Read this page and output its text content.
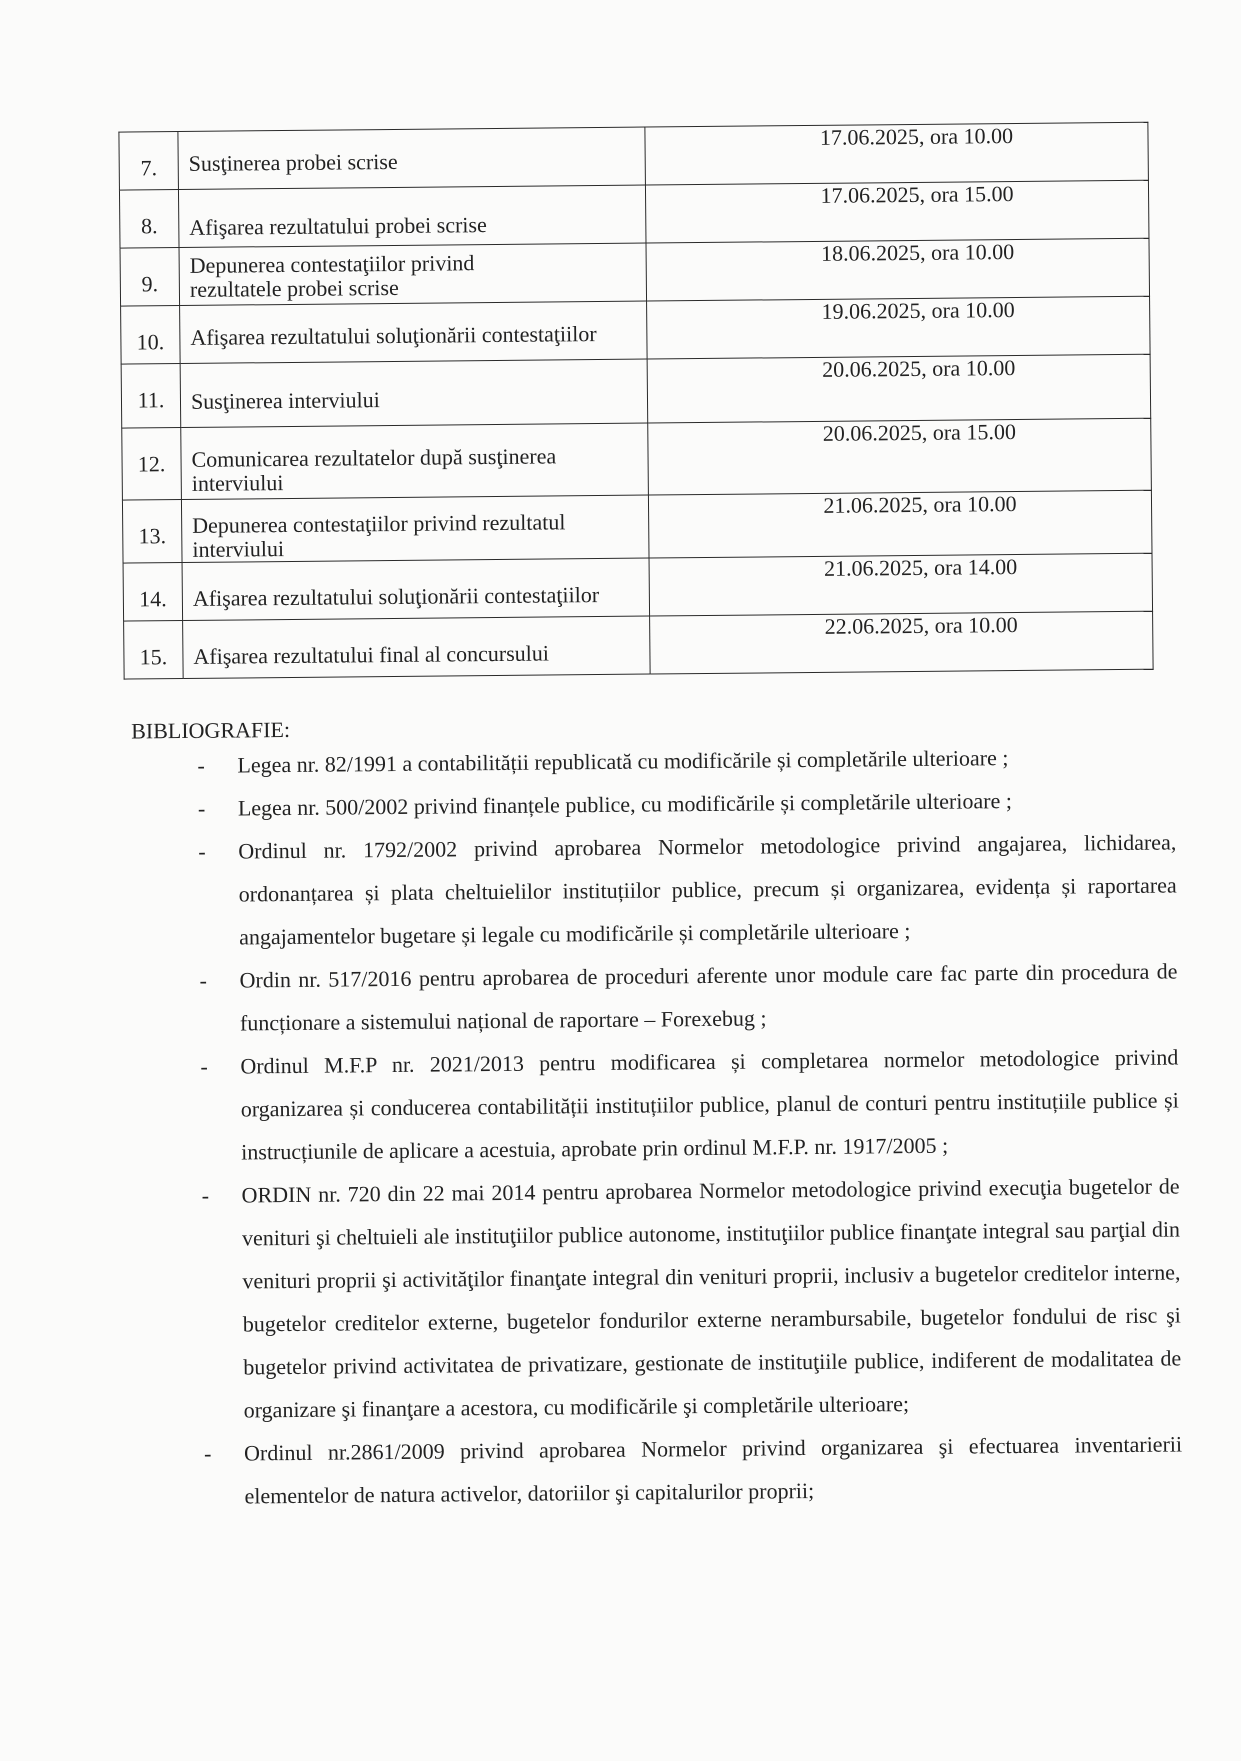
7.	Susţinerea probei scrise	17.06.2025, ora 10.00
8.	Afişarea rezultatului probei scrise	17.06.2025, ora 15.00
9.	Depunerea contestaţiilor privind rezultatele probei scrise	18.06.2025, ora 10.00
10.	Afişarea rezultatului soluţionării contestaţiilor	19.06.2025, ora 10.00
11.	Susţinerea interviului	20.06.2025, ora 10.00
12.	Comunicarea rezultatelor după susţinerea interviului	20.06.2025, ora 15.00
13.	Depunerea contestaţiilor privind rezultatul interviului	21.06.2025, ora 10.00
14.	Afişarea rezultatului soluţionării contestaţiilor	21.06.2025, ora 14.00
15.	Afişarea rezultatului final al concursului	22.06.2025, ora 10.00
BIBLIOGRAFIE:
- Legea nr. 82/1991 a contabilității republicată cu modificările și completările ulterioare ;
- Legea nr. 500/2002 privind finanțele publice, cu modificările și completările ulterioare ;
- Ordinul nr. 1792/2002 privind aprobarea Normelor metodologice privind angajarea, lichidarea, ordonanțarea și plata cheltuielilor instituțiilor publice, precum și organizarea, evidența și raportarea angajamentelor bugetare și legale cu modificările și completările ulterioare ;
- Ordin nr. 517/2016 pentru aprobarea de proceduri aferente unor module care fac parte din procedura de funcționare a sistemului național de raportare – Forexebug ;
- Ordinul M.F.P nr. 2021/2013 pentru modificarea și completarea normelor metodologice privind organizarea și conducerea contabilității instituțiilor publice, planul de conturi pentru instituțiile publice și instrucțiunile de aplicare a acestuia, aprobate prin ordinul M.F.P. nr. 1917/2005 ;
- ORDIN nr. 720 din 22 mai 2014 pentru aprobarea Normelor metodologice privind execuţia bugetelor de venituri şi cheltuieli ale instituţiilor publice autonome, instituţiilor publice finanţate integral sau parţial din venituri proprii şi activităţilor finanţate integral din venituri proprii, inclusiv a bugetelor creditelor interne, bugetelor creditelor externe, bugetelor fondurilor externe nerambursabile, bugetelor fondului de risc şi bugetelor privind activitatea de privatizare, gestionate de instituţiile publice, indiferent de modalitatea de organizare şi finanţare a acestora, cu modificările şi completările ulterioare;
- Ordinul nr.2861/2009 privind aprobarea Normelor privind organizarea şi efectuarea inventarierii elementelor de natura activelor, datoriilor şi capitalurilor proprii;
